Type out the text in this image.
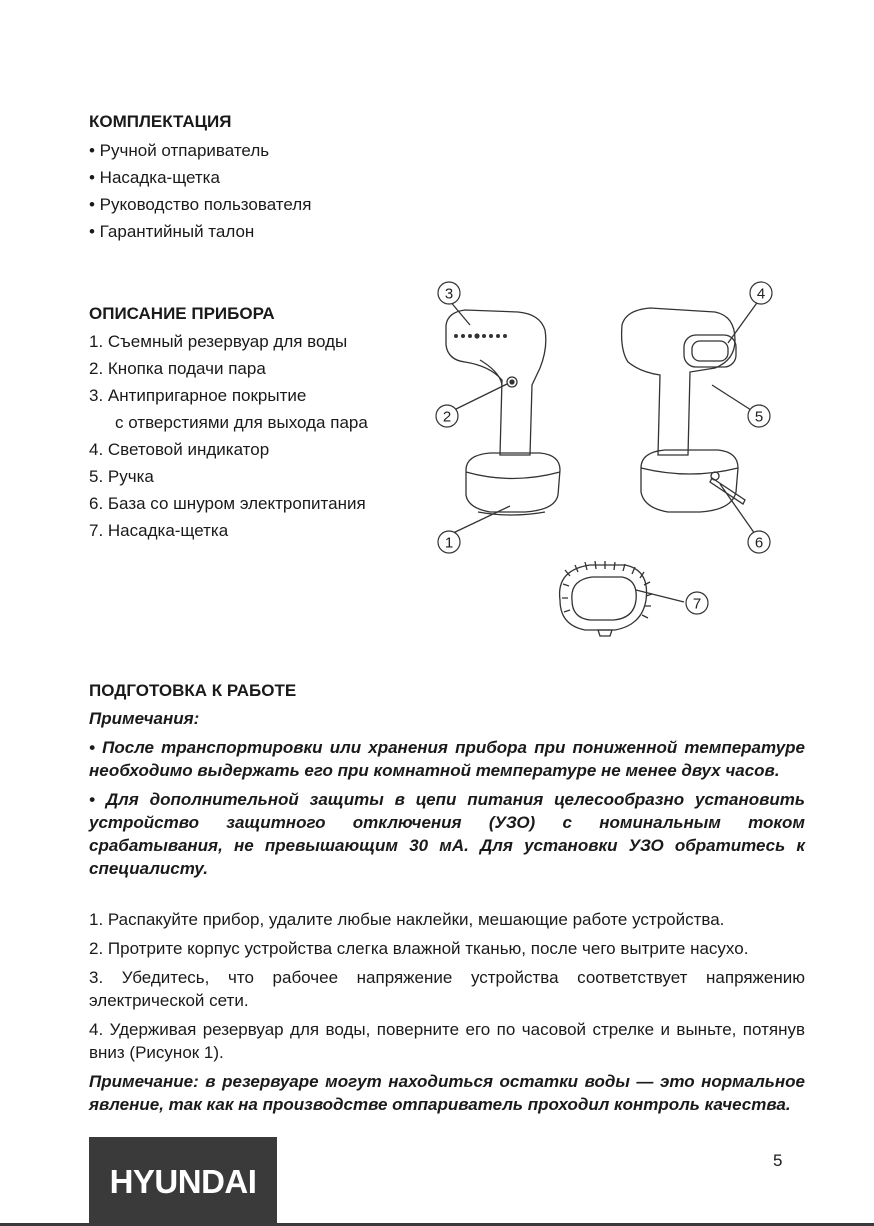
КОМПЛЕКТАЦИЯ

• Ручной отпариватель

• Насадка-щетка

• Руководство пользователя

• Гарантийный талон

ОПИСАНИЕ ПРИБОРА

1. Съемный резервуар для воды

2. Кнопка подачи пара

3. Антипригарное покрытие

с отверстиями для выхода пара

4. Световой индикатор

5. Ручка

6. База со шнуром электропитания

7. Насадка-щетка

1
2
3	4
5
6
7

ПОДГОТОВКА К РАБОТЕ

Примечания:

• После транспортировки или хранения прибора при пониженной температуре необходимо выдержать его при комнатной температуре не менее двух часов.

• Для дополнительной защиты в цепи питания целесообразно установить устройство защитного отключения (УЗО) с номинальным током срабатывания, не превышающим 30 мА. Для установки УЗО обратитесь к специалисту.

1. Распакуйте прибор, удалите любые наклейки, мешающие работе устройства.

2. Протрите корпус устройства слегка влажной тканью, после чего вытрите насухо.

3. Убедитесь, что рабочее напряжение устройства соответствует напряжению электрической сети.

4. Удерживая резервуар для воды, поверните его по часовой стрелке и выньте, потянув вниз (Рисунок 1).

Примечание: в резервуаре могут находиться остатки воды — это нормальное явление, так как на производстве отпариватель проходил контроль качества.

HYUNDAI
5
